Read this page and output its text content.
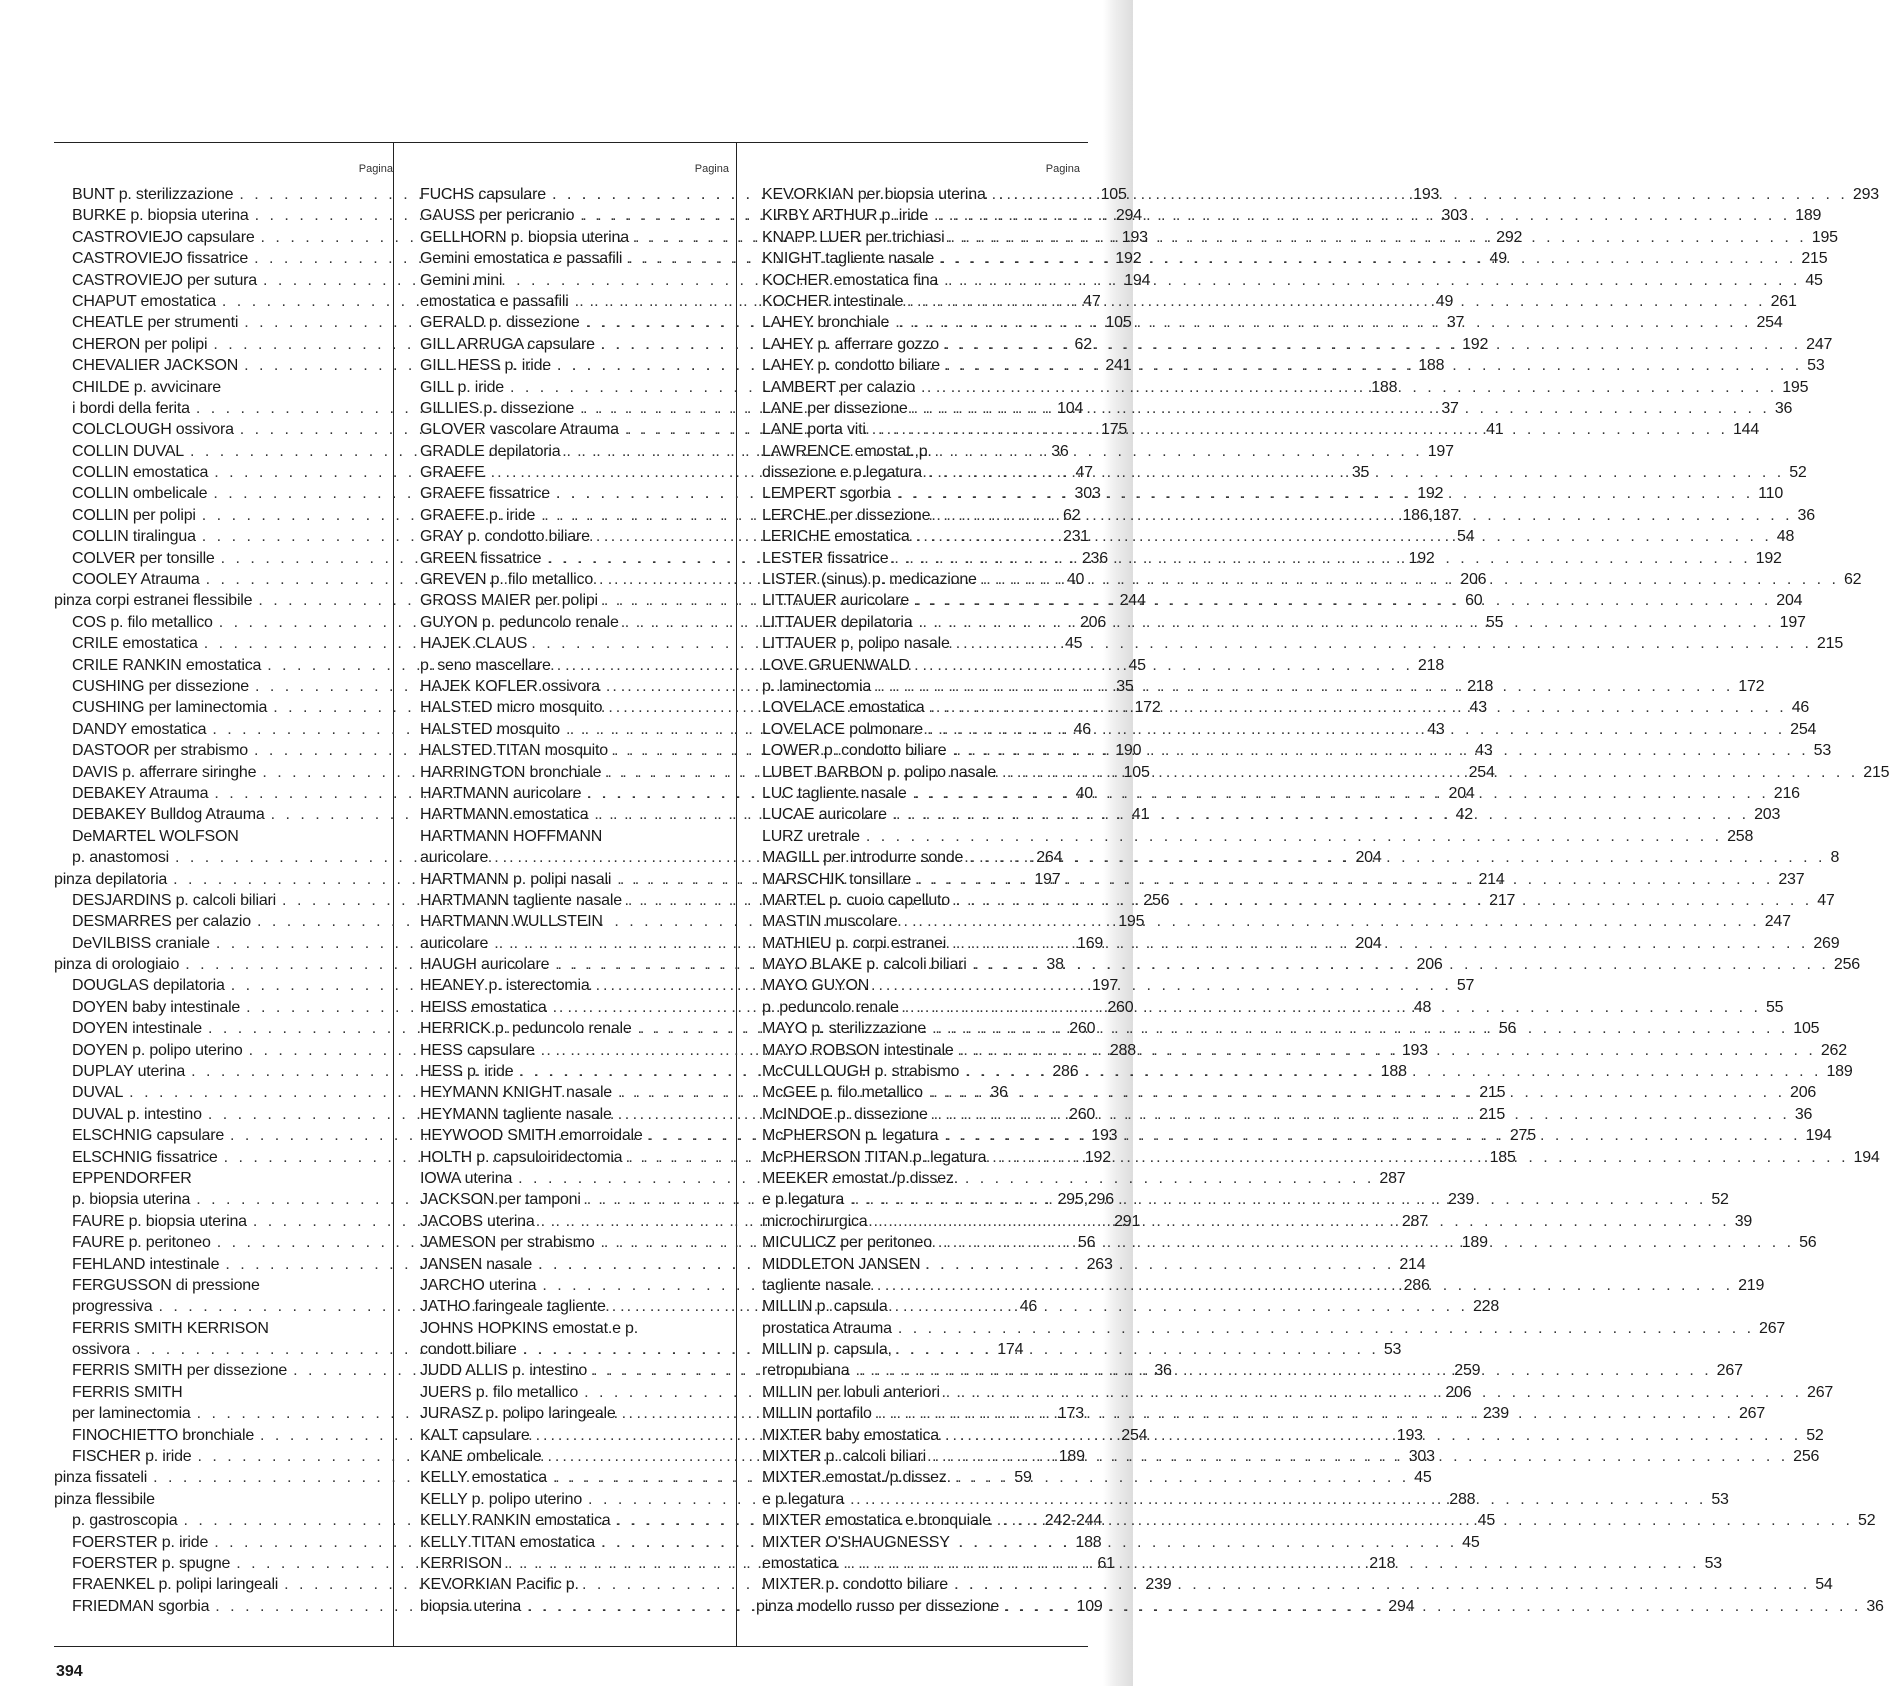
Pagina
BUNT p. sterilizzazione . . .	105
BURKE p. biopsia uterina . . .	294
CASTROVIEJO capsulare . . .	193
CASTROVIEJO fissatrice . . .	192
CASTROVIEJO per sutura . . .	194
CHAPUT emostatica . . .	47
CHEATLE per strumenti . . .	105
CHERON per polipi . . .	62
CHEVALIER JACKSON . . .	241
CHILDE p. avvicinare
i bordi della ferita . . .	104
COLCLOUGH ossivora . . .	175
COLLIN DUVAL . . .	36
COLLIN emostatica . . .	47
COLLIN ombelicale . . .	303
COLLIN per polipi . . .	62
COLLIN tiralingua . . .	231
COLVER per tonsille . . .	236
COOLEY Atrauma . . .	40
pinza corpi estranei flessibile . . .	244
COS p. filo metallico . . .	206
CRILE emostatica . . .	45
CRILE RANKIN emostatica . . .	45
CUSHING per dissezione . . .	35
CUSHING per laminectomia . . .	172
DANDY emostatica . . .	46
DASTOOR per strabismo . . .	190
DAVIS p. afferrare siringhe . . .	105
DEBAKEY Atrauma . . .	40
DEBAKEY Bulldog Atrauma . . .	41
DeMARTEL WOLFSON
p. anastomosi . . .	264
pinza depilatoria . . .	197
DESJARDINS p. calcoli biliari . . .	256
DESMARRES per calazio . . .	195
DeVILBISS craniale . . .	169
pinza di orologiaio . . .	38
DOUGLAS depilatoria . . .	197
DOYEN baby intestinale . . .	260
DOYEN intestinale . . .	260
DOYEN p. polipo uterino . . .	288
DUPLAY uterina . . .	286
DUVAL . . .	36
DUVAL p. intestino . . .	260
ELSCHNIG capsulare . . .	193
ELSCHNIG fissatrice . . .	192
EPPENDORFER
p. biopsia uterina . . .	295,296
FAURE p. biopsia uterina . . .	291
FAURE p. peritoneo . . .	56
FEHLAND intestinale . . .	263
FERGUSSON di pressione
progressiva . . .	46
FERRIS SMITH KERRISON
ossivora . . .	174
FERRIS SMITH per dissezione . . .	36
FERRIS SMITH
per laminectomia . . .	173
FINOCHIETTO bronchiale . . .	254
FISCHER p. iride . . .	189
pinza fissateli . . .	59
pinza flessibile
p. gastroscopia . . .	242-244
FOERSTER p. iride . . .	188
FOERSTER p. spugne . . .	61
FRAENKEL p. polipi laringeali . . .	239
FRIEDMAN sgorbia . . .	109
Pagina
FUCHS capsulare . . .	193
GAUSS per pericranio . . .	303
GELLHORN p. biopsia uterina . . .	292
Gemini emostatica e passafili . . .	49
Gemini mini
emostatica e passafili . . .	49
GERALD p. dissezione . . .	37
GILL ARRUGA capsulare . . .	192
GILL HESS p. iride . . .	188
GILL p. iride . . .	188
GILLIES p. dissezione . . .	37
GLOVER vascolare Atrauma . . .	41
GRADLE depilatoria . . .	197
GRAEFE . . .	35
GRAEFE fissatrice . . .	192
GRAEFE p. iride . . .	186,187
GRAY p. condotto biliare . . .	54
GREEN fissatrice . . .	192
GREVEN p. filo metallico . . .	206
GROSS MAIER per polipi . . .	60
GUYON p. peduncolo renale . . .	55
HAJEK CLAUS
p. seno mascellare . . .	218
HAJEK KOFLER ossivora . . .	218
HALSTED micro mosquito . . .	43
HALSTED mosquito . . .	43
HALSTED TITAN mosquito . . .	43
HARRINGTON bronchiale . . .	254
HARTMANN auricolare . . .	204
HARTMANN emostatica . . .	42
HARTMANN HOFFMANN
auricolare . . .	204
HARTMANN p. polipi nasali . . .	214
HARTMANN tagliente nasale . . .	217
HARTMANN WULLSTEIN
auricolare . . .	204
HAUGH auricolare . . .	206
HEANEY p. isterectomia . . .	57
HEISS emostatica . . .	48
HERRICK p. peduncolo renale . . .	56
HESS capsulare . . .	193
HESS p. iride . . .	188
HEYMANN KNIGHT nasale . . .	215
HEYMANN tagliente nasale . . .	215
HEYWOOD SMITH emorroidale . . .	275
HOLTH p. capsuloiridectomia . . .	185
IOWA uterina . . .	287
JACKSON per tamponi . . .	239
JACOBS uterina . . .	287
JAMESON per strabismo . . .	189
JANSEN nasale . . .	214
JARCHO uterina . . .	286
JATHO faringeale tagliente . . .	228
JOHNS HOPKINS emostat.e p.
condott.biliare . . .	53
JUDD ALLIS p. intestino . . .	259
JUERS p. filo metallico . . .	206
JURASZ p. polipo laringeale . . .	239
KALT capsulare . . .	193
KANE ombelicale . . .	303
KELLY emostatica . . .	45
KELLY p. polipo uterino . . .	288
KELLY RANKIN emostatica . . .	45
KELLY TITAN emostatica . . .	45
KERRISON . . .	218
KEVORKIAN Pacific p.
biopsia uterina . . .	294
Pagina
KEVORKIAN per biopsia uterina . . .	293
KIRBY ARTHUR p. iride . . .	189
KNAPP LUER per trichiasi . . .	195
KNIGHT tagliente nasale . . .	215
KOCHER emostatica fina . . .	45
KOCHER intestinale . . .	261
LAHEY bronchiale . . .	254
LAHEY p. afferrare gozzo . . .	247
LAHEY p. condotto biliare . . .	53
LAMBERT per calazio . . .	195
LANE per dissezione . . .	36
LANE porta viti . . .	144
LAWRENCE emostat.,p.
dissezione e p.legatura . . .	52
LEMPERT sgorbia . . .	110
LERCHE per dissezione . . .	36
LERICHE emostatica . . .	48
LESTER fissatrice . . .	192
LISTER (sinus) p. medicazione . . .	62
LITTAUER auricolare . . .	204
LITTAUER depilatoria . . .	197
LITTAUER p, polipo nasale . . .	215
LOVE GRUENWALD
p. laminectomia . . .	172
LOVELACE emostatica . . .	46
LOVELACE polmonare . . .	254
LOWER p. condotto biliare . . .	53
LUBET BARBON p. polipo nasale . . .	215
LUC tagliente nasale . . .	216
LUCAE auricolare . . .	203
LURZ uretrale . . .	258
MAGILL per introdurre sonde . . .	8
MARSCHIK tonsillare . . .	237
MARTEL p. cuoio capelluto . . .	47
MASTIN muscolare . . .	247
MATHIEU p. corpi estranei . . .	269
MAYO BLAKE p. calcoli biliari . . .	256
MAYO GUYON
p. peduncolo renale . . .	55
MAYO p. sterilizzazione . . .	105
MAYO ROBSON intestinale . . .	262
McCULLOUGH p. strabismo . . .	189
McGEE p. filo metallico . . .	206
McINDOE p. dissezione . . .	36
McPHERSON p. legatura . . .	194
McPHERSON TITAN p. legatura . . .	194
MEEKER emostat./p.dissez.
e p.legatura . . .	52
microchirurgica . . .	39
MICULICZ per peritoneo . . .	56
MIDDLETON JANSEN
tagliente nasale . . .	219
MILLIN p. capsula
prostatica Atrauma . . .	267
MILLIN p. capsula,
retropubiana . . .	267
MILLIN per lobuli anteriori . . .	267
MILLIN portafilo . . .	267
MIXTER baby emostatica . . .	52
MIXTER p. calcoli biliari . . .	256
MIXTER emostat./p.dissez.
e p.legatura . . .	53
MIXTER emostatica e bronquiale . . .	52
MIXTER O'SHAUGNESSY
emostatica . . .	53
MIXTER p. condotto biliare . . .	54
pinza modello russo per dissezione . . .	36
394
